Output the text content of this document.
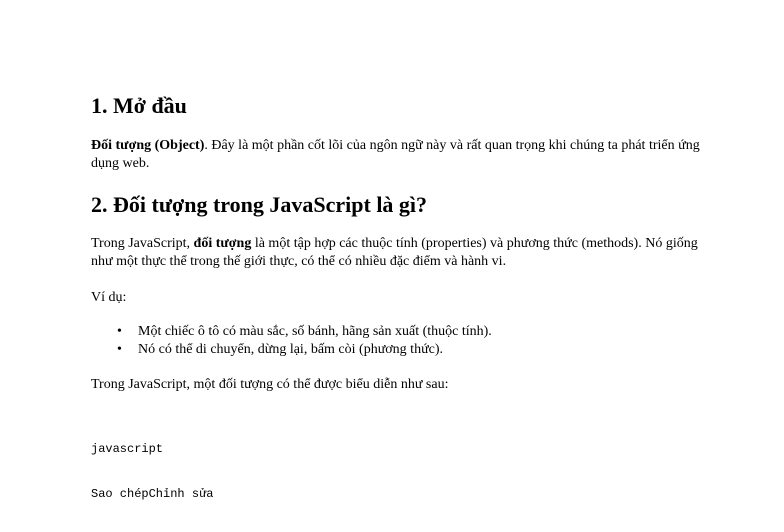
1. Mở đầu

Đối tượng (Object). Đây là một phần cốt lõi của ngôn ngữ này và rất quan trọng khi chúng ta phát triển ứng dụng web.

2. Đối tượng trong JavaScript là gì?

Trong JavaScript, đối tượng là một tập hợp các thuộc tính (properties) và phương thức (methods). Nó giống như một thực thể trong thế giới thực, có thể có nhiều đặc điểm và hành vi.

Ví dụ:

• Một chiếc ô tô có màu sắc, số bánh, hãng sản xuất (thuộc tính).
• Nó có thể di chuyển, dừng lại, bấm còi (phương thức).

Trong JavaScript, một đối tượng có thể được biểu diễn như sau:

javascript

Sao chépChỉnh sửa
